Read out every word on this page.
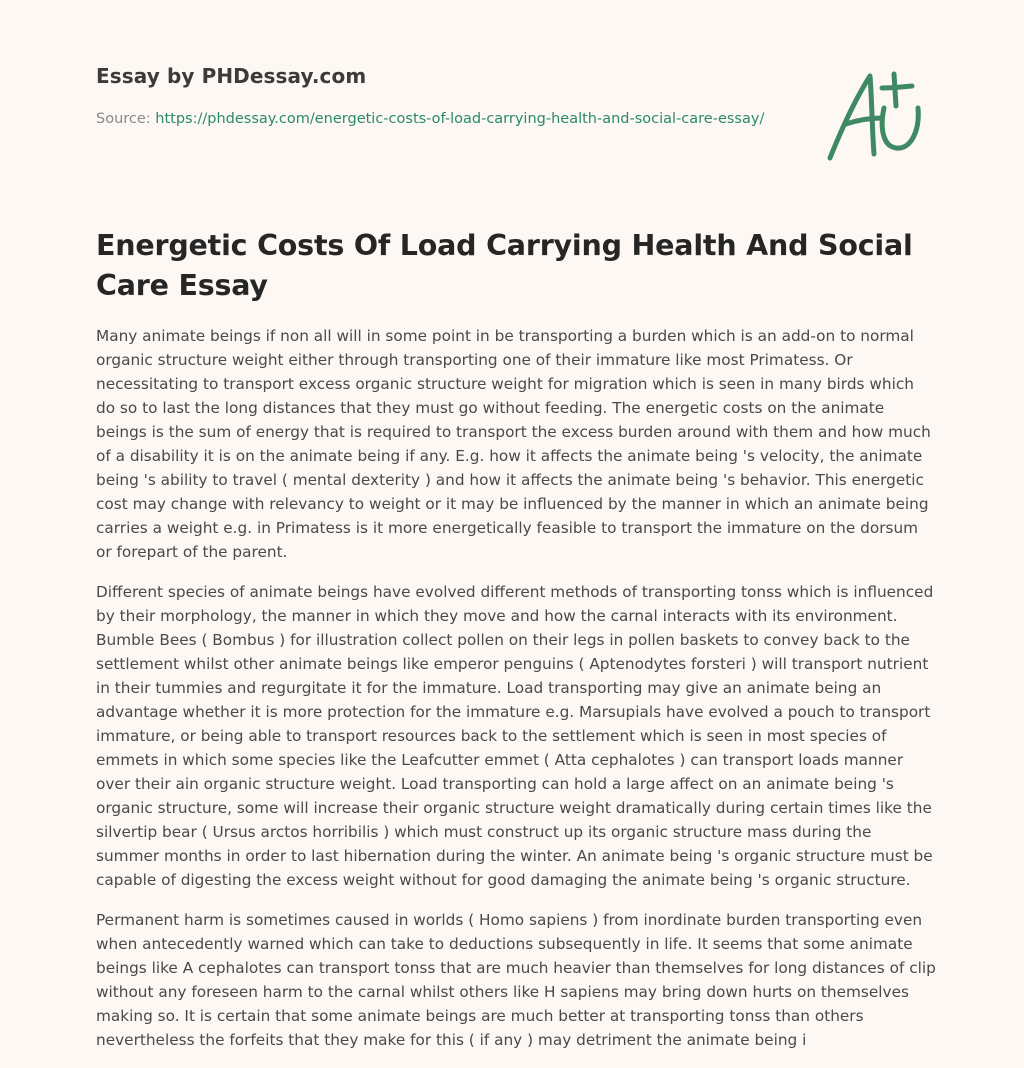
Essay by PHDessay.com
Source: https://phdessay.com/energetic-costs-of-load-carrying-health-and-social-care-essay/
Energetic Costs Of Load Carrying Health And Social Care Essay

Many animate beings if non all will in some point in be transporting a burden which is an add-on to normal organic structure weight either through transporting one of their immature like most Primatess. Or necessitating to transport excess organic structure weight for migration which is seen in many birds which do so to last the long distances that they must go without feeding. The energetic costs on the animate beings is the sum of energy that is required to transport the excess burden around with them and how much of a disability it is on the animate being if any. E.g. how it affects the animate being 's velocity, the animate being 's ability to travel ( mental dexterity ) and how it affects the animate being 's behavior. This energetic cost may change with relevancy to weight or it may be influenced by the manner in which an animate being carries a weight e.g. in Primatess is it more energetically feasible to transport the immature on the dorsum or forepart of the parent.

Different species of animate beings have evolved different methods of transporting tonss which is influenced by their morphology, the manner in which they move and how the carnal interacts with its environment. Bumble Bees ( Bombus ) for illustration collect pollen on their legs in pollen baskets to convey back to the settlement whilst other animate beings like emperor penguins ( Aptenodytes forsteri ) will transport nutrient in their tummies and regurgitate it for the immature. Load transporting may give an animate being an advantage whether it is more protection for the immature e.g. Marsupials have evolved a pouch to transport immature, or being able to transport resources back to the settlement which is seen in most species of emmets in which some species like the Leafcutter emmet ( Atta cephalotes ) can transport loads manner over their ain organic structure weight. Load transporting can hold a large affect on an animate being 's organic structure, some will increase their organic structure weight dramatically during certain times like the silvertip bear ( Ursus arctos horribilis ) which must construct up its organic structure mass during the summer months in order to last hibernation during the winter. An animate being 's organic structure must be capable of digesting the excess weight without for good damaging the animate being 's organic structure.

Permanent harm is sometimes caused in worlds ( Homo sapiens ) from inordinate burden transporting even when antecedently warned which can take to deductions subsequently in life. It seems that some animate beings like A cephalotes can transport tonss that are much heavier than themselves for long distances of clip without any foreseen harm to the carnal whilst others like H sapiens may bring down hurts on themselves making so. It is certain that some animate beings are much better at transporting tonss than others nevertheless the forfeits that they make for this ( if any ) may detriment the animate being i
